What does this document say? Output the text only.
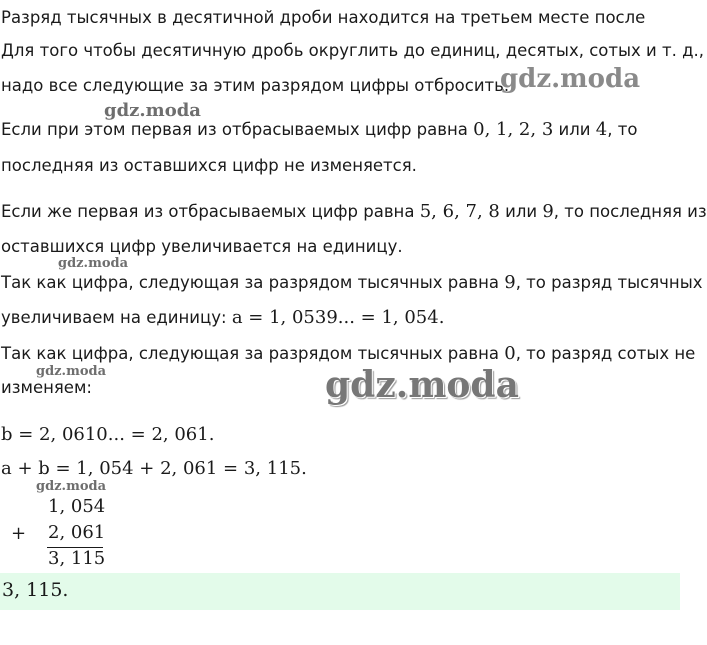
Разряд тысячных в десятичной дроби находится на третьем месте после
Для того чтобы десятичную дробь округлить до единиц, десятых, сотых и т. д.,
надо все следующие за этим разрядом цифры отбросить.
Если при этом первая из отбрасываемых цифр равна 0, 1, 2, 3 или 4, то
последняя из оставшихся цифр не изменяется.
Если же первая из отбрасываемых цифр равна 5, 6, 7, 8 или 9, то последняя из
оставшихся цифр увеличивается на единицу.
Так как цифра, следующая за разрядом тысячных равна 9, то разряд тысячных
увеличиваем на единицу: a = 1, 0539... = 1, 054.
Так как цифра, следующая за разрядом тысячных равна 0, то разряд сотых не
изменяем:
b = 2, 0610... = 2, 061.
a + b = 1, 054 + 2, 061 = 3, 115.
1, 054
+ 2, 061
3, 115
3, 115.
gdz.moda
gdz.moda
gdz.moda
gdz.moda	gdz.moda
gdz.moda
